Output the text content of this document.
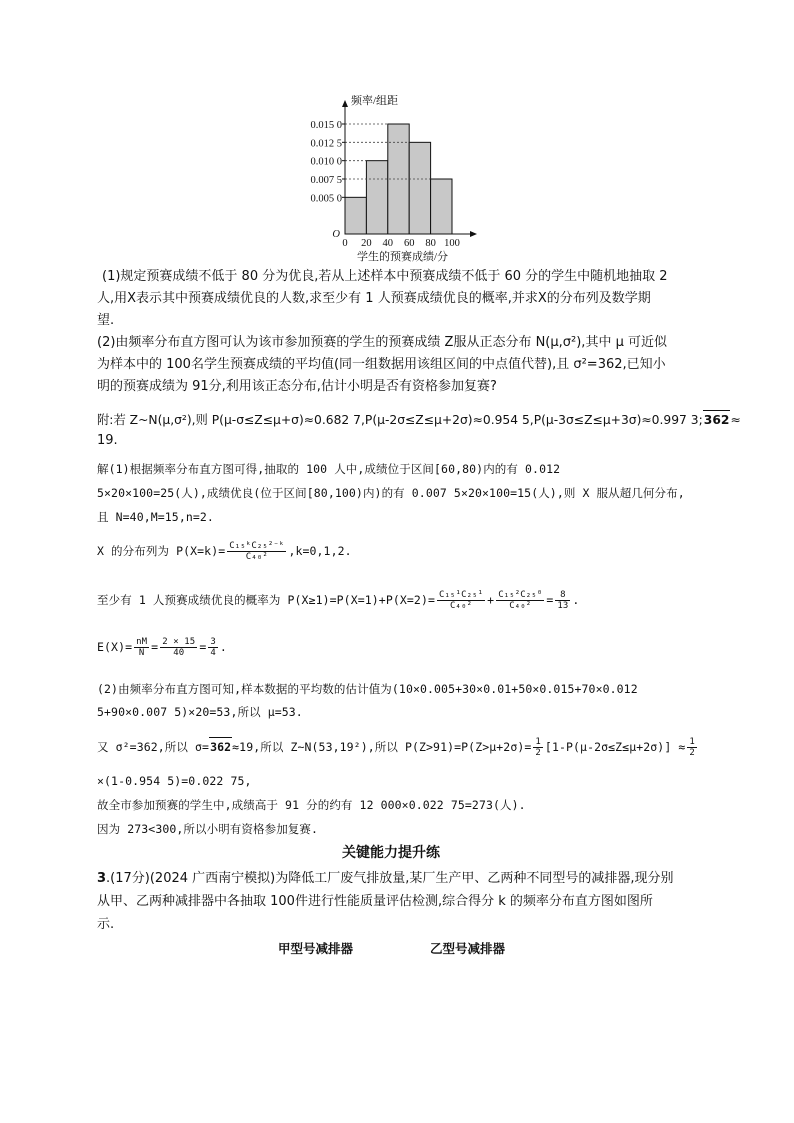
0.005 0
0.007 5
0.010 0
0.012 5
0.015 0
O
0 20 40 60 80 100
频率/组距
学生的预赛成绩/分
(1)规定预赛成绩不低于 80 分为优良,若从上述样本中预赛成绩不低于 60 分的学生中随机地抽取 2
人,用X表示其中预赛成绩优良的人数,求至少有 1 人预赛成绩优良的概率,并求X的分布列及数学期
望.
(2)由频率分布直方图可认为该市参加预赛的学生的预赛成绩 Z服从正态分布 N(μ,σ²),其中 μ 可近似
为样本中的 100名学生预赛成绩的平均值(同一组数据用该组区间的中点值代替),且 σ²=362,已知小
明的预赛成绩为 91分,利用该正态分布,估计小明是否有资格参加复赛?
附:若 Z~N(μ,σ²),则 P(μ-σ≤Z≤μ+σ)≈0.682 7,P(μ-2σ≤Z≤μ+2σ)≈0.954 5,P(μ-3σ≤Z≤μ+3σ)≈0.997 3;362≈
19.
解(1)根据频率分布直方图可得,抽取的 100 人中,成绩位于区间[60,80)内的有 0.012
5×20×100=25(人),成绩优良(位于区间[80,100)内)的有 0.007 5×20×100=15(人),则 X 服从超几何分布,
且 N=40,M=15,n=2.
X 的分布列为 $P(X=k)= \frac{\text{C₁₅ᵏC₂₅²⁻ᵏ}}{\text{C₄₀²}} ,k=0,1,2$.
至少有 1 人预赛成绩优良的概率为 $P(X\ge 1)=P(X=1)+P(X=2)= \frac{\text{C₁₅¹C₂₅¹}}{\text{C₄₀²}} + \frac{\text{C₁₅²C₂₅⁰}}{\text{C₄₀²}} = \frac{8}{13}$ .
$E(X)= \frac{nM}{N} = \frac{2 \times 15}{40} = \frac{3}{4}$ .
(2)由频率分布直方图可知,样本数据的平均数的估计值为(10×0.005+30×0.01+50×0.015+70×0.012
5+90×0.007 5)×20=53,所以 μ=53.
又 σ²=362,所以 σ=362≈19,所以 Z~N(53,19²),所以 $P(Z>91)=P(Z>\mu+2\sigma)= \frac{1}{2} [1-P(\mu-2\sigma\le Z\le\mu+2\sigma)] \approx \frac{1}{2}$
×(1-0.954 5)=0.022 75,
故全市参加预赛的学生中,成绩高于 91 分的约有 12 000×0.022 75=273(人).
因为 273<300,所以小明有资格参加复赛.
关键能力提升练
3.(17分)(2024 广西南宁模拟)为降低工厂废气排放量,某厂生产甲、乙两种不同型号的减排器,现分别
从甲、乙两种减排器中各抽取 100件进行性能质量评估检测,综合得分 k 的频率分布直方图如图所
示.
甲型号减排器	乙型号减排器
